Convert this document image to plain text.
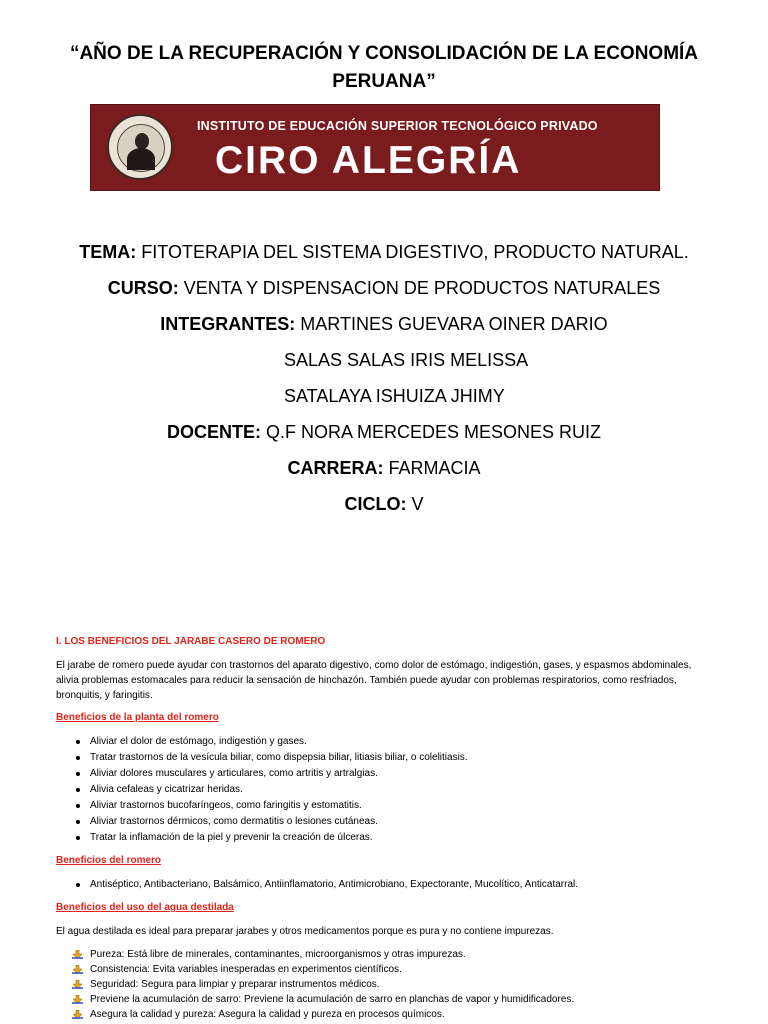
“AÑO DE LA RECUPERACIÓN Y CONSOLIDACIÓN DE LA ECONOMÍA
PERUANA”
INSTITUTO DE EDUCACIÓN SUPERIOR TECNOLÓGICO PRIVADO
CIRO ALEGRÍA
TEMA: FITOTERAPIA DEL SISTEMA DIGESTIVO, PRODUCTO NATURAL.
CURSO: VENTA Y DISPENSACION DE PRODUCTOS NATURALES
INTEGRANTES: MARTINES GUEVARA OINER DARIO
SALAS SALAS IRIS MELISSA
SATALAYA ISHUIZA JHIMY
DOCENTE: Q.F NORA MERCEDES MESONES RUIZ
CARRERA: FARMACIA
CICLO: V
I. LOS BENEFICIOS DEL JARABE CASERO DE ROMERO

El jarabe de romero puede ayudar con trastornos del aparato digestivo, como dolor de estómago, indigestión, gases, y espasmos abdominales, alivia problemas estomacales para reducir la sensación de hinchazón. También puede ayudar con problemas respiratorios, como resfriados, bronquitis, y faringitis.

Beneficios de la planta del romero
Aliviar el dolor de estómago, indigestión y gases.
Tratar trastornos de la vesícula biliar, como dispepsia biliar, litiasis biliar, o colelitiasis.
Aliviar dolores musculares y articulares, como artritis y artralgias.
Alivia cefaleas y cicatrizar heridas.
Aliviar trastornos bucofaríngeos, como faringitis y estomatitis.
Aliviar trastornos dérmicos, como dermatitis o lesiones cutáneas.
Tratar la inflamación de la piel y prevenir la creación de úlceras.
Beneficios del romero
Antiséptico, Antibacteriano, Balsámico, Antiinflamatorio, Antimicrobiano, Expectorante, Mucolítico, Anticatarral.
Beneficios del uso del agua destilada

El agua destilada es ideal para preparar jarabes y otros medicamentos porque es pura y no contiene impurezas.

Pureza: Está libre de minerales, contaminantes, microorganismos y otras impurezas.
Consistencia: Evita variables inesperadas en experimentos científicos.
Seguridad: Segura para limpiar y preparar instrumentos médicos.
Previene la acumulación de sarro: Previene la acumulación de sarro en planchas de vapor y humidificadores.
Asegura la calidad y pureza: Asegura la calidad y pureza en procesos químicos.
